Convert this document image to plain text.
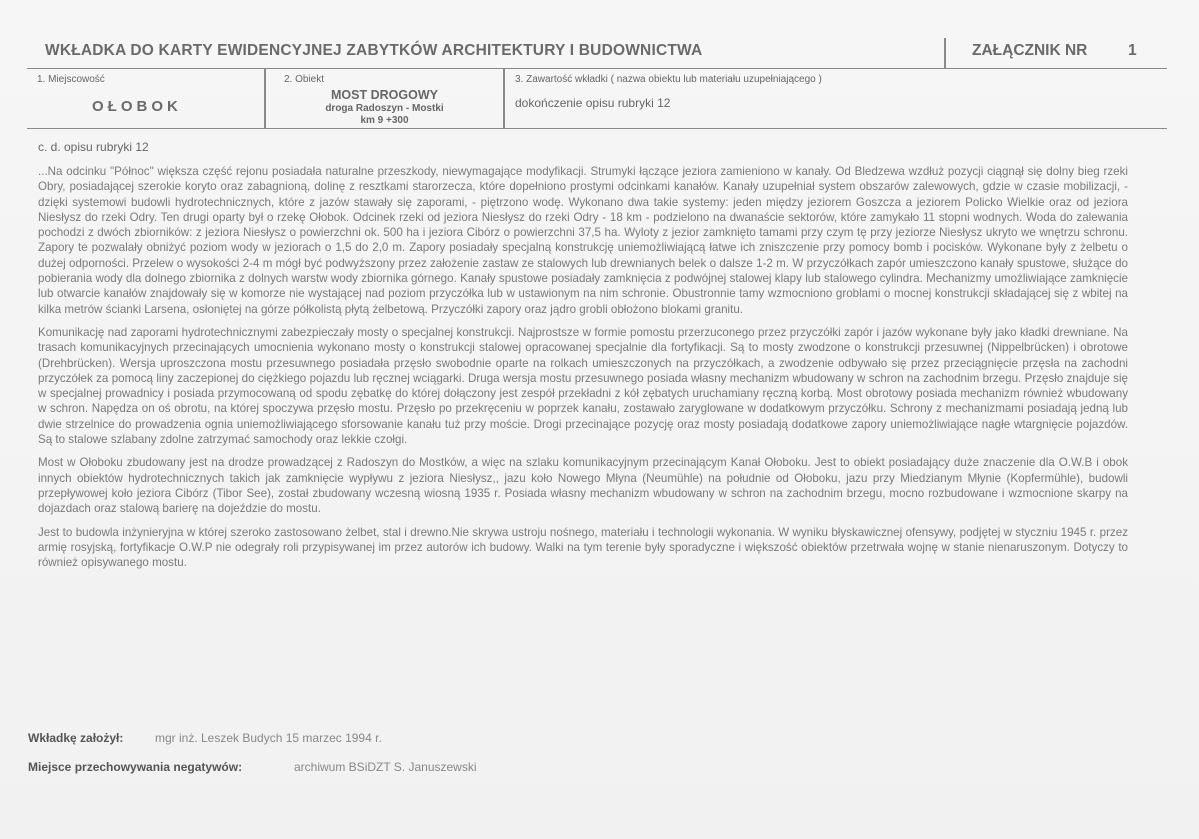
WKŁADKA DO KARTY EWIDENCYJNEJ ZABYTKÓW ARCHITEKTURY I BUDOWNICTWA	ZAŁĄCZNIK NR	1
1. Miejscowość
OŁOBOK
2. Obiekt
MOST DROGOWY
droga Radoszyn - Mostki
km 9 +300
3. Zawartość wkładki ( nazwa obiektu lub materiału uzupełniającego )
dokończenie opisu rubryki 12
c. d. opisu rubryki 12

...Na odcinku "Północ" większa część rejonu posiadała naturalne przeszkody, niewymagające modyfikacji. Strumyki łączące jeziora zamieniono w kanały. Od Bledzewa wzdłuż pozycji ciągnął się dolny bieg rzeki Obry, posiadającej szerokie koryto oraz zabagnioną, dolinę z resztkami starorzecza, które dopełniono prostymi odcinkami kanałów. Kanały uzupełniał system obszarów zalewowych, gdzie w czasie mobilizacji, - dzięki systemowi budowli hydrotechnicznych, które z jazów stawały się zaporami, - piętrzono wodę. Wykonano dwa takie systemy: jeden między jeziorem Goszcza a jeziorem Policko Wielkie oraz od jeziora Niesłysz do rzeki Odry. Ten drugi oparty był o rzekę Ołobok. Odcinek rzeki od jeziora Niesłysz do rzeki Odry - 18 km - podzielono na dwanaście sektorów, które zamykało 11 stopni wodnych. Woda do zalewania pochodzi z dwóch zbiorników: z jeziora Niesłysz o powierzchni ok. 500 ha i jeziora Cibórz o powierzchni 37,5 ha. Wyloty z jezior zamknięto tamami przy czym tę przy jeziorze Niesłysz ukryto we wnętrzu schronu. Zapory te pozwalały obniżyć poziom wody w jeziorach o 1,5 do 2,0 m. Zapory posiadały specjalną konstrukcję uniemożliwiającą łatwe ich zniszczenie przy pomocy bomb i pocisków. Wykonane były z żelbetu o dużej odporności. Przelew o wysokości 2-4 m mógł być podwyższony przez założenie zastaw ze stalowych lub drewnianych belek o dalsze 1-2 m. W przyczółkach zapór umieszczono kanały spustowe, służące do pobierania wody dla dolnego zbiornika z dolnych warstw wody zbiornika górnego. Kanały spustowe posiadały zamknięcia z podwójnej stalowej klapy lub stalowego cylindra. Mechanizmy umożliwiające zamknięcie lub otwarcie kanałów znajdowały się w komorze nie wystającej nad poziom przyczółka lub w ustawionym na nim schronie. Obustronnie tamy wzmocniono groblami o mocnej konstrukcji składającej się z wbitej na kilka metrów ścianki Larsena, osłoniętej na górze półkolistą płytą żelbetową. Przyczółki zapory oraz jądro grobli obłożono blokami granitu.

Komunikację nad zaporami hydrotechnicznymi zabezpieczały mosty o specjalnej konstrukcji. Najprostsze w formie pomostu przerzuconego przez przyczółki zapór i jazów wykonane były jako kładki drewniane. Na trasach komunikacyjnych przecinających umocnienia wykonano mosty o konstrukcji stalowej opracowanej specjalnie dla fortyfikacji. Są to mosty zwodzone o konstrukcji przesuwnej (Nippelbrücken) i obrotowe (Drehbrücken). Wersja uproszczona mostu przesuwnego posiadała przęsło swobodnie oparte na rolkach umieszczonych na przyczółkach, a zwodzenie odbywało się przez przeciągnięcie przęsła na zachodni przyczółek za pomocą liny zaczepionej do ciężkiego pojazdu lub ręcznej wciągarki. Druga wersja mostu przesuwnego posiada własny mechanizm wbudowany w schron na zachodnim brzegu. Przęsło znajduje się w specjalnej prowadnicy i posiada przymocowaną od spodu zębatkę do której dołączony jest zespół przekładni z kół zębatych uruchamiany ręczną korbą. Most obrotowy posiada mechanizm również wbudowany w schron. Napędza on oś obrotu, na której spoczywa przęsło mostu. Przęsło po przekręceniu w poprzek kanału, zostawało zaryglowane w dodatkowym przyczółku. Schrony z mechanizmami posiadają jedną lub dwie strzelnice do prowadzenia ognia uniemożliwiającego sforsowanie kanału tuż przy moście. Drogi przecinające pozycję oraz mosty posiadają dodatkowe zapory uniemożliwiające nagłe wtargnięcie pojazdów. Są to stalowe szlabany zdolne zatrzymać samochody oraz lekkie czołgi.

Most w Ołoboku zbudowany jest na drodze prowadzącej z Radoszyn do Mostków, a więc na szlaku komunikacyjnym przecinającym Kanał Ołoboku. Jest to obiekt posiadający duże znaczenie dla O.W.B i obok innych obiektów hydrotechnicznych takich jak zamknięcie wypływu z jeziora Niesłysz,, jazu koło Nowego Młyna (Neumühle) na południe od Ołoboku, jazu przy Miedzianym Młynie (Kopfermühle), budowli przepływowej koło jeziora Cibórz (Tibor See), został zbudowany wczesną wiosną 1935 r. Posiada własny mechanizm wbudowany w schron na zachodnim brzegu, mocno rozbudowane i wzmocnione skarpy na dojazdach oraz stalową barierę na dojeździe do mostu.

Jest to budowla inżynieryjna w której szeroko zastosowano żelbet, stal i drewno.Nie skrywa ustroju nośnego, materiału i technologii wykonania. W wyniku błyskawicznej ofensywy, podjętej w styczniu 1945 r. przez armię rosyjską, fortyfikacje O.W.P nie odegrały roli przypisywanej im przez autorów ich budowy. Walki na tym terenie były sporadyczne i większość obiektów przetrwała wojnę w stanie nienaruszonym. Dotyczy to również opisywanego mostu.

Wkładkę założył:	mgr inż. Leszek Budych 15 marzec 1994 r.
Miejsce przechowywania negatywów:	archiwum BSiDZT S. Januszewski
